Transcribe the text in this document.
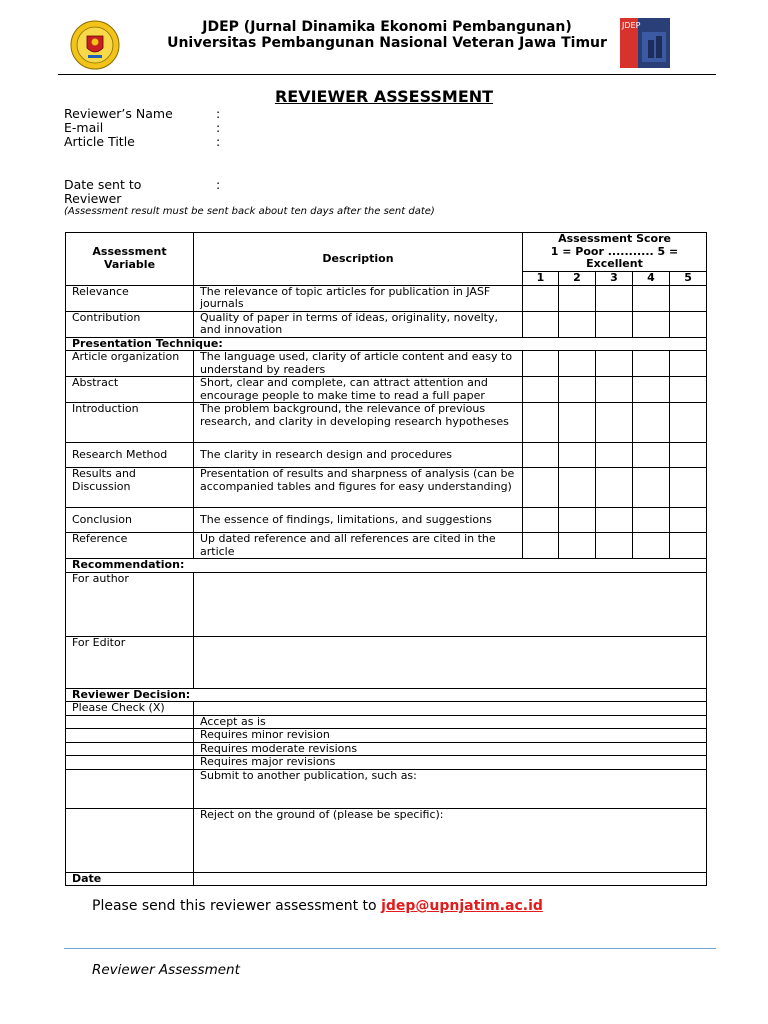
JDEP (Jurnal Dinamika Ekonomi Pembangunan)
Universitas Pembangunan Nasional Veteran Jawa Timur
JDEP
REVIEWER ASSESSMENT
Reviewer’s Name	:
E-mail	:
Article Title	:
Date sent to Reviewer:
(Assessment result must be sent back about ten days after the sent date)
Assessment Variable	Description	Assessment Score
1 = Poor ........... 5 = Excellent				

		1	2	3	4	5
Relevance	The relevance of topic articles for publication in JASF journals					
Contribution	Quality of paper in terms of ideas, originality, novelty, and innovation					
Presentation Technique:						
Article organization	The language used, clarity of article content and easy to understand by readers					
Abstract	Short, clear and complete, can attract attention and encourage people to make time to read a full paper					
Introduction	The problem background, the relevance of previous research, and clarity in developing research hypotheses					
Research Method	The clarity in research design and procedures					
Results and Discussion	Presentation of results and sharpness of analysis (can be accompanied tables and figures for easy understanding)					
Conclusion	The essence of findings, limitations, and suggestions					
Reference	Up dated reference and all references are cited in the article					
Recommendation:						
For author						
For Editor						
Reviewer Decision:						
Please Check (X)						
	Accept as is					
	Requires minor revision					
	Requires moderate revisions					
	Requires major revisions					
	Submit to another publication, such as:					
	Reject on the ground of (please be specific):					
Date						
Please send this reviewer assessment to jdep@upnjatim.ac.id
Reviewer Assessment
